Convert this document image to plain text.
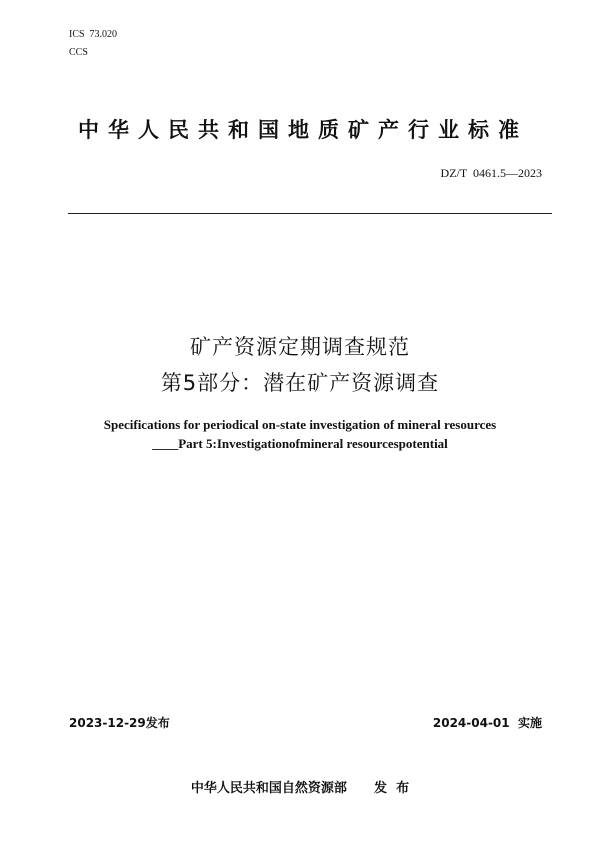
ICS  73.020
CCS
中华人民共和国地质矿产行业标准
DZ/T  0461.5—2023
矿产资源定期调查规范
第5部分：潜在矿产资源调查
Specifications for periodical on-state investigation of mineral resources
____Part 5:Investigationofmineral resourcespotential
2023-12-29发布	2024-04-01  实施
中华人民共和国自然资源部      发  布
